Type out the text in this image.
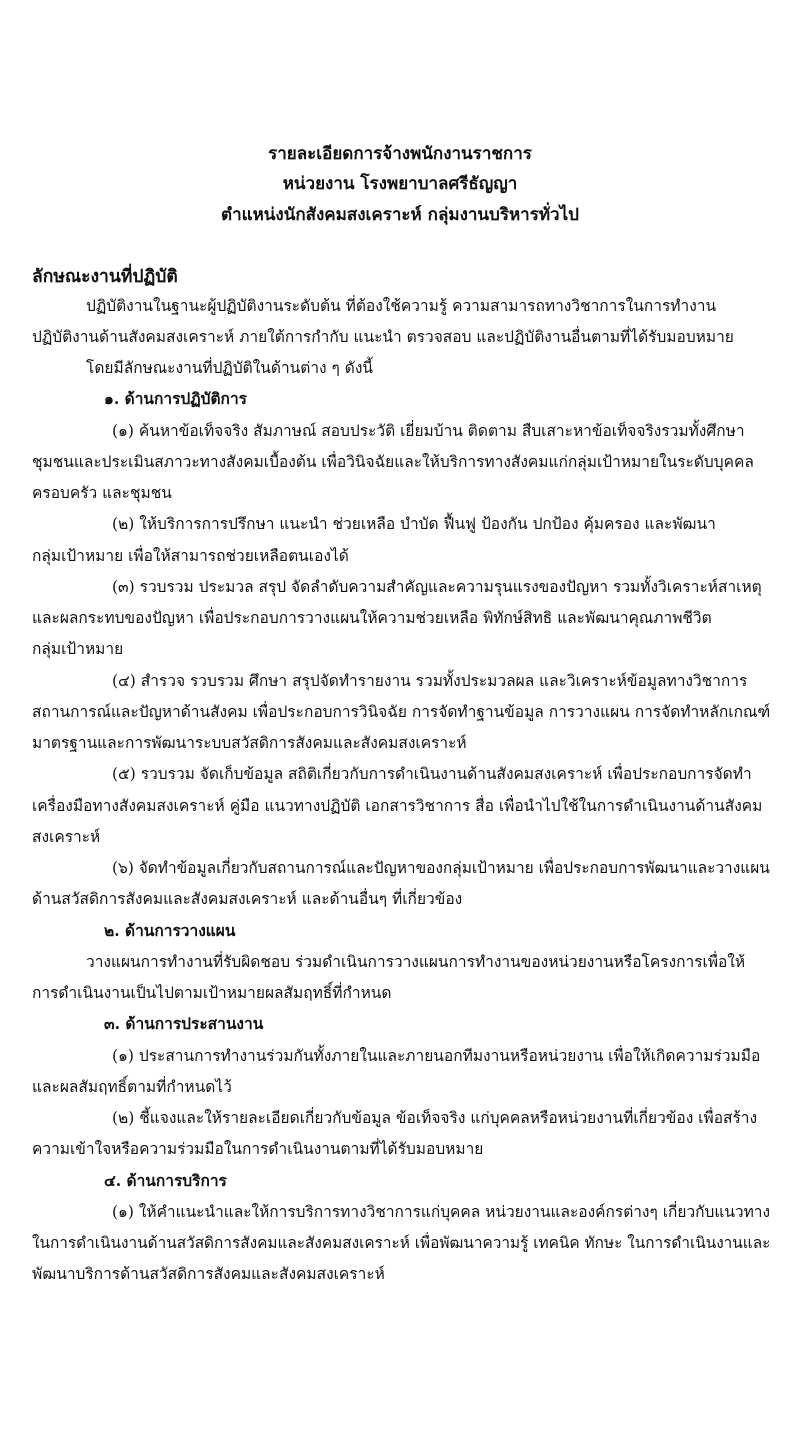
รายละเอียดการจ้างพนักงานราชการ
หน่วยงาน โรงพยาบาลศรีธัญญา
ตำแหน่งนักสังคมสงเคราะห์ กลุ่มงานบริหารทั่วไป
ลักษณะงานที่ปฏิบัติ
ปฏิบัติงานในฐานะผู้ปฏิบัติงานระดับต้น ที่ต้องใช้ความรู้ ความสามารถทางวิชาการในการทำงาน
ปฏิบัติงานด้านสังคมสงเคราะห์ ภายใต้การกำกับ แนะนำ ตรวจสอบ และปฏิบัติงานอื่นตามที่ได้รับมอบหมาย
โดยมีลักษณะงานที่ปฏิบัติในด้านต่าง ๆ ดังนี้
๑. ด้านการปฏิบัติการ
(๑) ค้นหาข้อเท็จจริง สัมภาษณ์ สอบประวัติ เยี่ยมบ้าน ติดตาม สืบเสาะหาข้อเท็จจริงรวมทั้งศึกษา
ชุมชนและประเมินสภาวะทางสังคมเบื้องต้น เพื่อวินิจฉัยและให้บริการทางสังคมแก่กลุ่มเป้าหมายในระดับบุคคล
ครอบครัว และชุมชน
(๒) ให้บริการการปรึกษา แนะนำ ช่วยเหลือ บำบัด ฟื้นฟู ป้องกัน ปกป้อง คุ้มครอง และพัฒนา
กลุ่มเป้าหมาย เพื่อให้สามารถช่วยเหลือตนเองได้
(๓) รวบรวม ประมวล สรุป จัดลำดับความสำคัญและความรุนแรงของปัญหา รวมทั้งวิเคราะห์สาเหตุ
และผลกระทบของปัญหา เพื่อประกอบการวางแผนให้ความช่วยเหลือ พิทักษ์สิทธิ และพัฒนาคุณภาพชีวิต
กลุ่มเป้าหมาย
(๔) สำรวจ รวบรวม ศึกษา สรุปจัดทำรายงาน รวมทั้งประมวลผล และวิเคราะห์ข้อมูลทางวิชาการ
สถานการณ์และปัญหาด้านสังคม เพื่อประกอบการวินิจฉัย การจัดทำฐานข้อมูล การวางแผน การจัดทำหลักเกณฑ์
มาตรฐานและการพัฒนาระบบสวัสดิการสังคมและสังคมสงเคราะห์
(๕) รวบรวม จัดเก็บข้อมูล สถิติเกี่ยวกับการดำเนินงานด้านสังคมสงเคราะห์ เพื่อประกอบการจัดทำ
เครื่องมือทางสังคมสงเคราะห์ คู่มือ แนวทางปฏิบัติ เอกสารวิชาการ สื่อ เพื่อนำไปใช้ในการดำเนินงานด้านสังคม
สงเคราะห์
(๖) จัดทำข้อมูลเกี่ยวกับสถานการณ์และปัญหาของกลุ่มเป้าหมาย เพื่อประกอบการพัฒนาและวางแผน
ด้านสวัสดิการสังคมและสังคมสงเคราะห์ และด้านอื่นๆ ที่เกี่ยวข้อง
๒. ด้านการวางแผน
วางแผนการทำงานที่รับผิดชอบ ร่วมดำเนินการวางแผนการทำงานของหน่วยงานหรือโครงการเพื่อให้
การดำเนินงานเป็นไปตามเป้าหมายผลสัมฤทธิ์ที่กำหนด
๓. ด้านการประสานงาน
(๑) ประสานการทำงานร่วมกันทั้งภายในและภายนอกทีมงานหรือหน่วยงาน เพื่อให้เกิดความร่วมมือ
และผลสัมฤทธิ์ตามที่กำหนดไว้
(๒) ชี้แจงและให้รายละเอียดเกี่ยวกับข้อมูล ข้อเท็จจริง แก่บุคคลหรือหน่วยงานที่เกี่ยวข้อง เพื่อสร้าง
ความเข้าใจหรือความร่วมมือในการดำเนินงานตามที่ได้รับมอบหมาย
๔. ด้านการบริการ
(๑) ให้คำแนะนำและให้การบริการทางวิชาการแก่บุคคล หน่วยงานและองค์กรต่างๆ เกี่ยวกับแนวทาง
ในการดำเนินงานด้านสวัสดิการสังคมและสังคมสงเคราะห์ เพื่อพัฒนาความรู้ เทคนิค ทักษะ ในการดำเนินงานและ
พัฒนาบริการด้านสวัสดิการสังคมและสังคมสงเคราะห์
